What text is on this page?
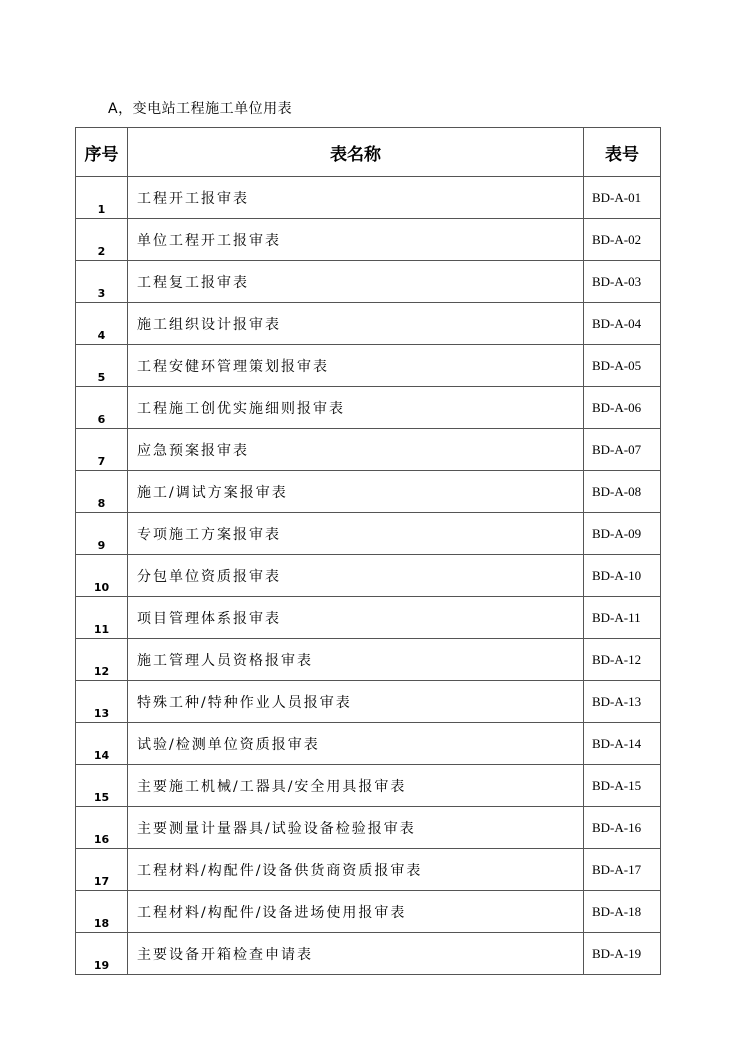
A，变电站工程施工单位用表
序号	表名称	表号
1	工程开工报审表	BD-A-01
2	单位工程开工报审表	BD-A-02
3	工程复工报审表	BD-A-03
4	施工组织设计报审表	BD-A-04
5	工程安健环管理策划报审表	BD-A-05
6	工程施工创优实施细则报审表	BD-A-06
7	应急预案报审表	BD-A-07
8	施工/调试方案报审表	BD-A-08
9	专项施工方案报审表	BD-A-09
10	分包单位资质报审表	BD-A-10
11	项目管理体系报审表	BD-A-11
12	施工管理人员资格报审表	BD-A-12
13	特殊工种/特种作业人员报审表	BD-A-13
14	试验/检测单位资质报审表	BD-A-14
15	主要施工机械/工器具/安全用具报审表	BD-A-15
16	主要测量计量器具/试验设备检验报审表	BD-A-16
17	工程材料/构配件/设备供货商资质报审表	BD-A-17
18	工程材料/构配件/设备进场使用报审表	BD-A-18
19	主要设备开箱检查申请表	BD-A-19
